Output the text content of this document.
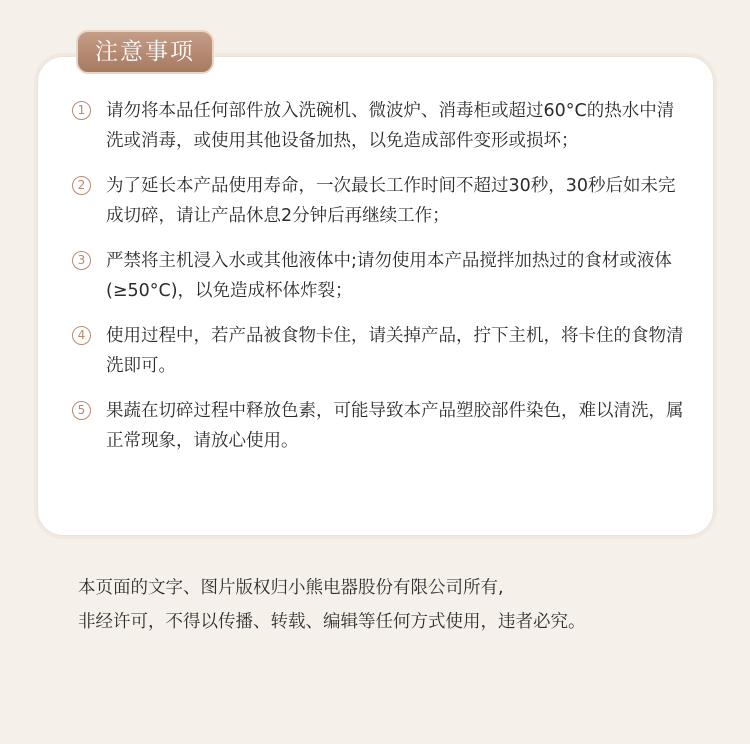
注意事项
1	请勿将本品任何部件放入洗碗机、微波炉、消毒柜或超过60°C的热水中清洗或消毒，或使用其他设备加热，以免造成部件变形或损坏；
2	为了延长本产品使用寿命，一次最长工作时间不超过30秒，30秒后如未完成切碎，请让产品休息2分钟后再继续工作；
3	严禁将主机浸入水或其他液体中;请勿使用本产品搅拌加热过的食材或液体(≥50°C)，以免造成杯体炸裂；
4	使用过程中，若产品被食物卡住，请关掉产品，拧下主机，将卡住的食物清洗即可。
5	果蔬在切碎过程中释放色素，可能导致本产品塑胶部件染色，难以清洗，属正常现象，请放心使用。

本页面的文字、图片版权归小熊电器股份有限公司所有,

非经许可，不得以传播、转载、编辑等任何方式使用，违者必究。
